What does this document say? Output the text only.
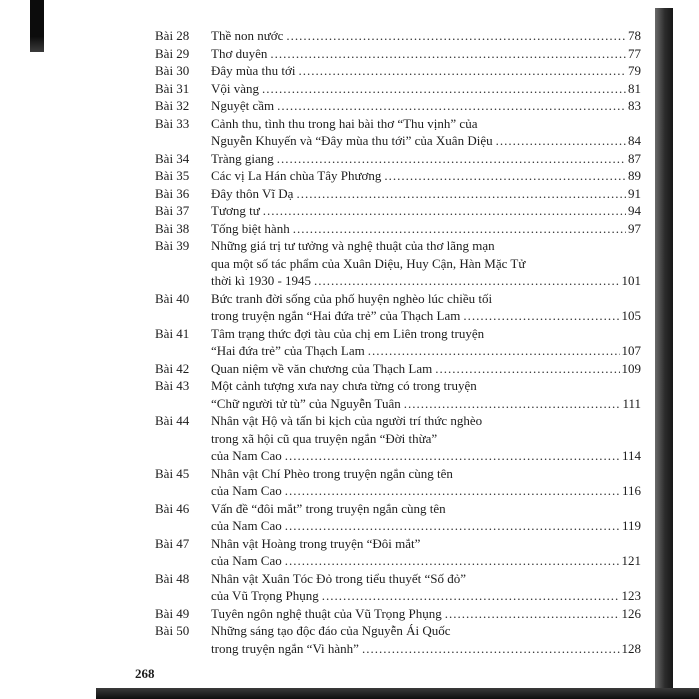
Bài 28	Thề non nước .....	78
Bài 29	Thơ duyên .....	77
Bài 30	Đây mùa thu tới .....	79
Bài 31	Vội vàng .....	81
Bài 32	Nguyệt cầm .....	83
Bài 33	Cảnh thu, tình thu trong hai bài thơ “Thu vịnh” của
Nguyễn Khuyến và “Đây mùa thu tới” của Xuân Diệu .....	84
Bài 34	Tràng giang .....	87
Bài 35	Các vị La Hán chùa Tây Phương .....	89
Bài 36	Đây thôn Vĩ Dạ .....	91
Bài 37	Tương tư .....	94
Bài 38	Tống biệt hành .....	97
Bài 39	Những giá trị tư tưởng và nghệ thuật của thơ lãng mạn
qua một số tác phẩm của Xuân Diệu, Huy Cận, Hàn Mặc Tử
thời kì 1930 - 1945 .....	101
Bài 40	Bức tranh đời sống của phố huyện nghèo lúc chiều tối
trong truyện ngắn “Hai đứa trẻ” của Thạch Lam .....	105
Bài 41	Tâm trạng thức đợi tàu của chị em Liên trong truyện
“Hai đứa trẻ” của Thạch Lam .....	107
Bài 42	Quan niệm về văn chương của Thạch Lam .....	109
Bài 43	Một cảnh tượng xưa nay chưa từng có trong truyện
“Chữ người tử tù” của Nguyễn Tuân .....	111
Bài 44	Nhân vật Hộ và tấn bi kịch của người trí thức nghèo
trong xã hội cũ qua truyện ngắn “Đời thừa”
của Nam Cao .....	114
Bài 45	Nhân vật Chí Phèo trong truyện ngắn cùng tên
của Nam Cao .....	116
Bài 46	Vấn đề “đôi mắt” trong truyện ngắn cùng tên
của Nam Cao .....	119
Bài 47	Nhân vật Hoàng trong truyện “Đôi mắt”
của Nam Cao .....	121
Bài 48	Nhân vật Xuân Tóc Đỏ trong tiểu thuyết “Số đỏ”
của Vũ Trọng Phụng .....	123
Bài 49	Tuyên ngôn nghệ thuật của Vũ Trọng Phụng .....	126
Bài 50	Những sáng tạo độc đáo của Nguyễn Ái Quốc
trong truyện ngắn “Vi hành” .....	128
268
